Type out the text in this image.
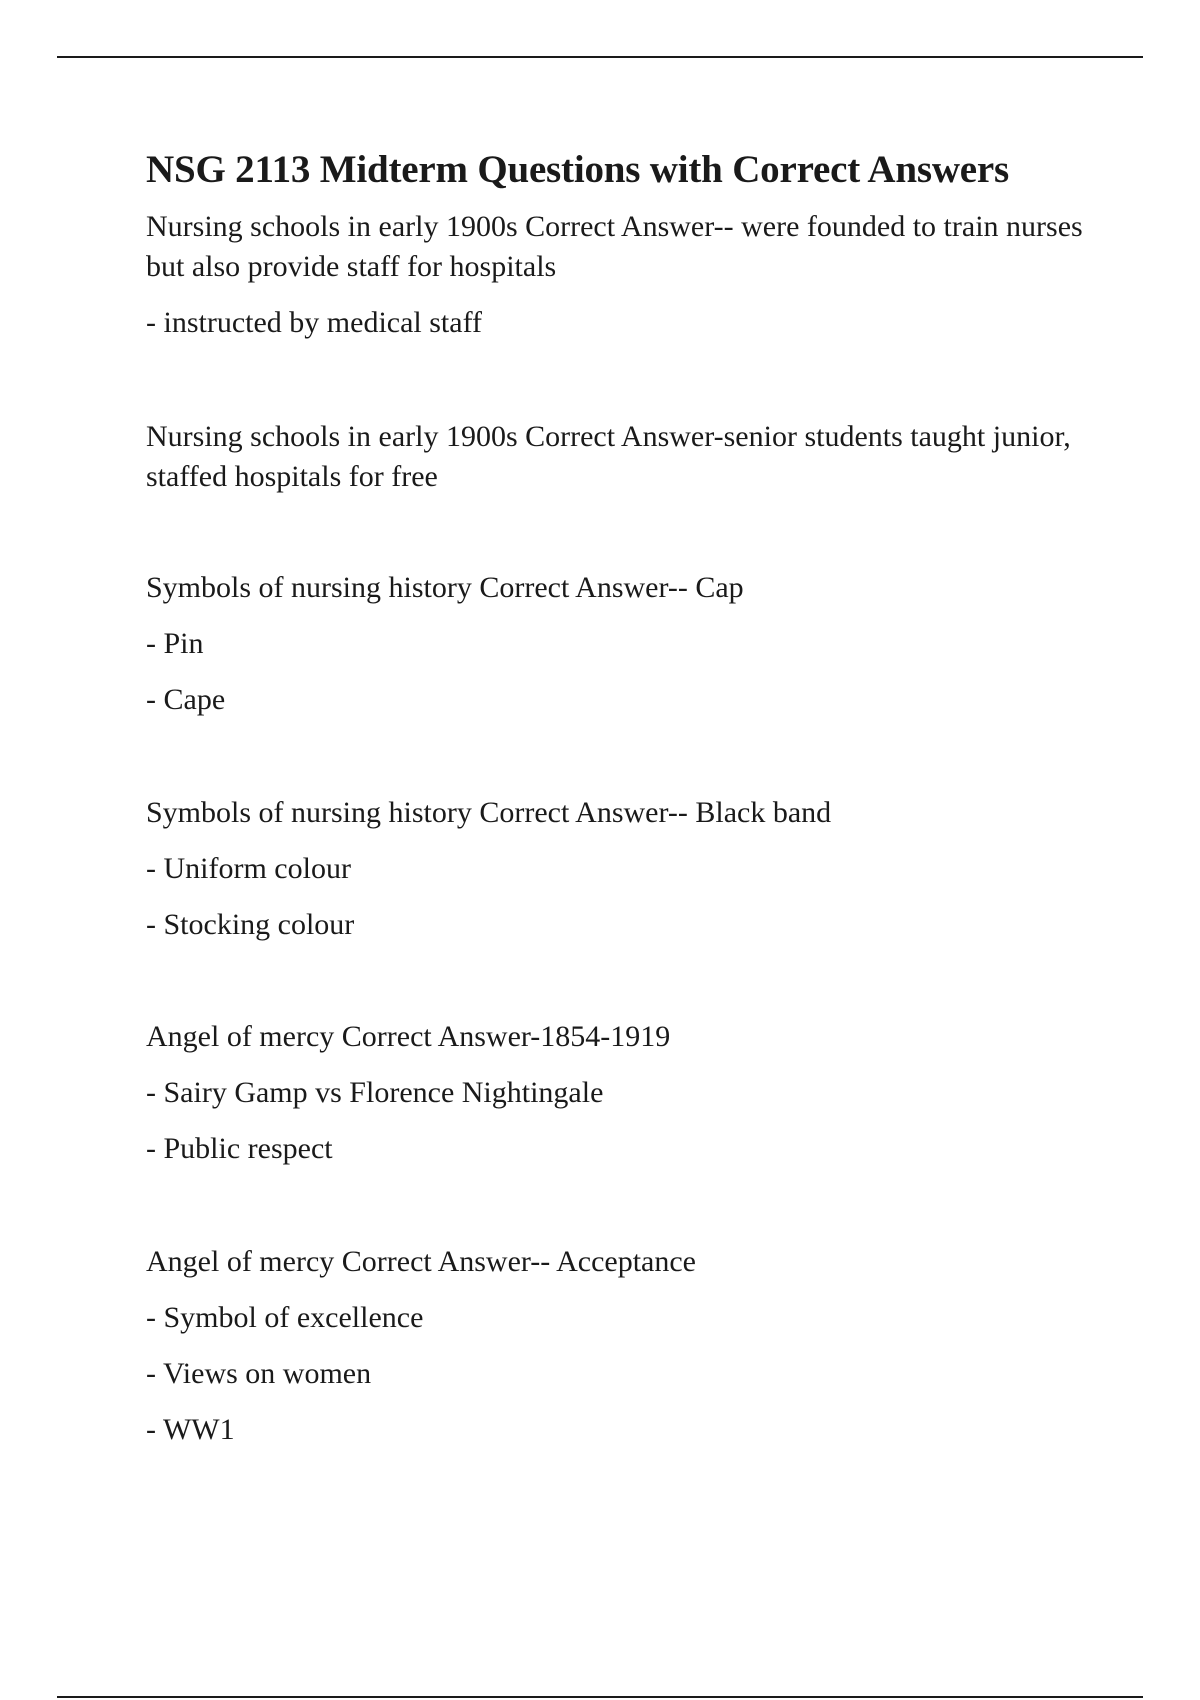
NSG 2113 Midterm Questions with Correct Answers

Nursing schools in early 1900s Correct Answer-- were founded to train nurses but also provide staff for hospitals

- instructed by medical staff

Nursing schools in early 1900s Correct Answer-senior students taught junior, staffed hospitals for free

Symbols of nursing history Correct Answer-- Cap

- Pin

- Cape

Symbols of nursing history Correct Answer-- Black band

- Uniform colour

- Stocking colour

Angel of mercy Correct Answer-1854-1919

- Sairy Gamp vs Florence Nightingale

- Public respect

Angel of mercy Correct Answer-- Acceptance

- Symbol of excellence

- Views on women

- WW1
